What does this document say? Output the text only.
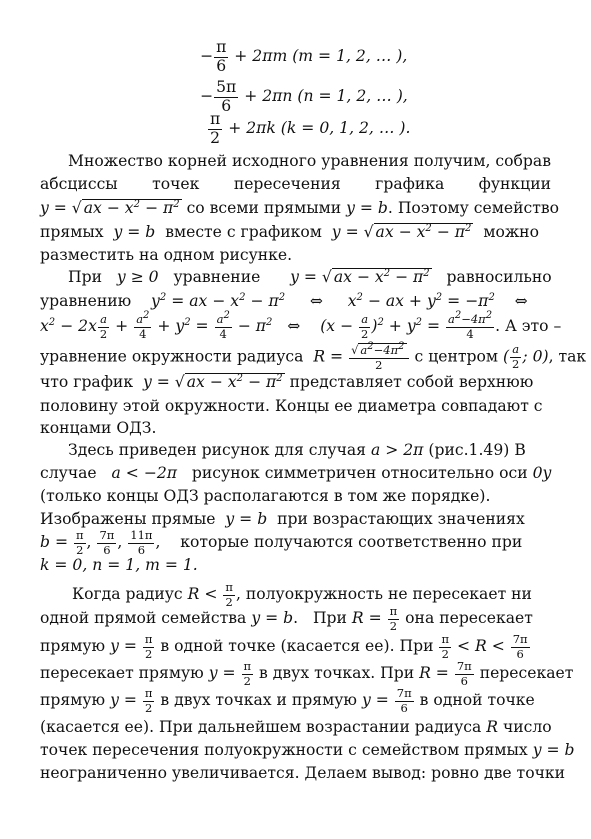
− $\frac{\pi}{6} + 2\pi m$ (m = 1, 2, … ),
− $\frac{5\pi}{6} + 2\pi n$ (n = 1, 2, … ),
$\frac{\pi}{2} + 2\pi k$ (k = 0, 1, 2, … ).
Множество корней исходного уравнения получим, собрав
абсциссы точек пересечения графика функции
y = √ ax − $x^2 - \pi^2$ со всеми прямыми y = b. Поэтому семейство
прямых y = b вместе с графиком y = √ ax − $x^2 - \pi^2$ можно
разместить на одном рисунке.
При y ≥ 0 уравнение y = √ ax − $x^2 - \pi^2$ равносильно
уравнению $y^2$ = ax − $x^2 - \pi^2$     ⇔     $x^2$ − ax + $y^2 = -\pi^2$    ⇔
$x^2 - 2x \frac{a}{2} + \frac{a^2}{4} + y^2 = \frac{a^2}{4} - \pi^2$   ⇔    $(x - \frac{a}{2} )^2 + y^2 = \frac{a^2-4\pi^2}{4}$ . А это –
уравнение окружности радиуса $R = \frac{√ a^2-4\pi^2}{2}$ с центром ( $\frac{a}{2}$ ; 0), так
что график y = √ ax − $x^2 - \pi^2$ представляет собой верхнюю
половину этой окружности. Концы ее диаметра совпадают с
концами ОДЗ.
Здесь приведен рисунок для случая a > 2π (рис.1.49) В
случае a < −2π рисунок симметричен относительно оси 0y
(только концы ОДЗ располагаются в том же порядке).
Изображены прямые y = b при возрастающих значениях
$b = \frac{\pi}{2}$ , $\frac{7\pi}{6}$ , $\frac{11\pi}{6}$ ,    которые получаются соответственно при
k = 0, n = 1, m = 1.
Когда радиус $R < \frac{\pi}{2}$ , полуокружность не пересекает ни
одной прямой семейства y = b.   При $R = \frac{\pi}{2}$ она пересекает
прямую $y = \frac{\pi}{2}$ в одной точке (касается ее). При $\frac{\pi}{2} < R < \frac{7\pi}{6}$
пересекает прямую $y = \frac{\pi}{2}$ в двух точках. При $R = \frac{7\pi}{6}$ пересекает
прямую $y = \frac{\pi}{2}$ в двух точках и прямую $y = \frac{7\pi}{6}$ в одной точке
(касается ее). При дальнейшем возрастании радиуса R число
точек пересечения полуокружности с семейством прямых y = b
неограниченно увеличивается. Делаем вывод: ровно две точки
